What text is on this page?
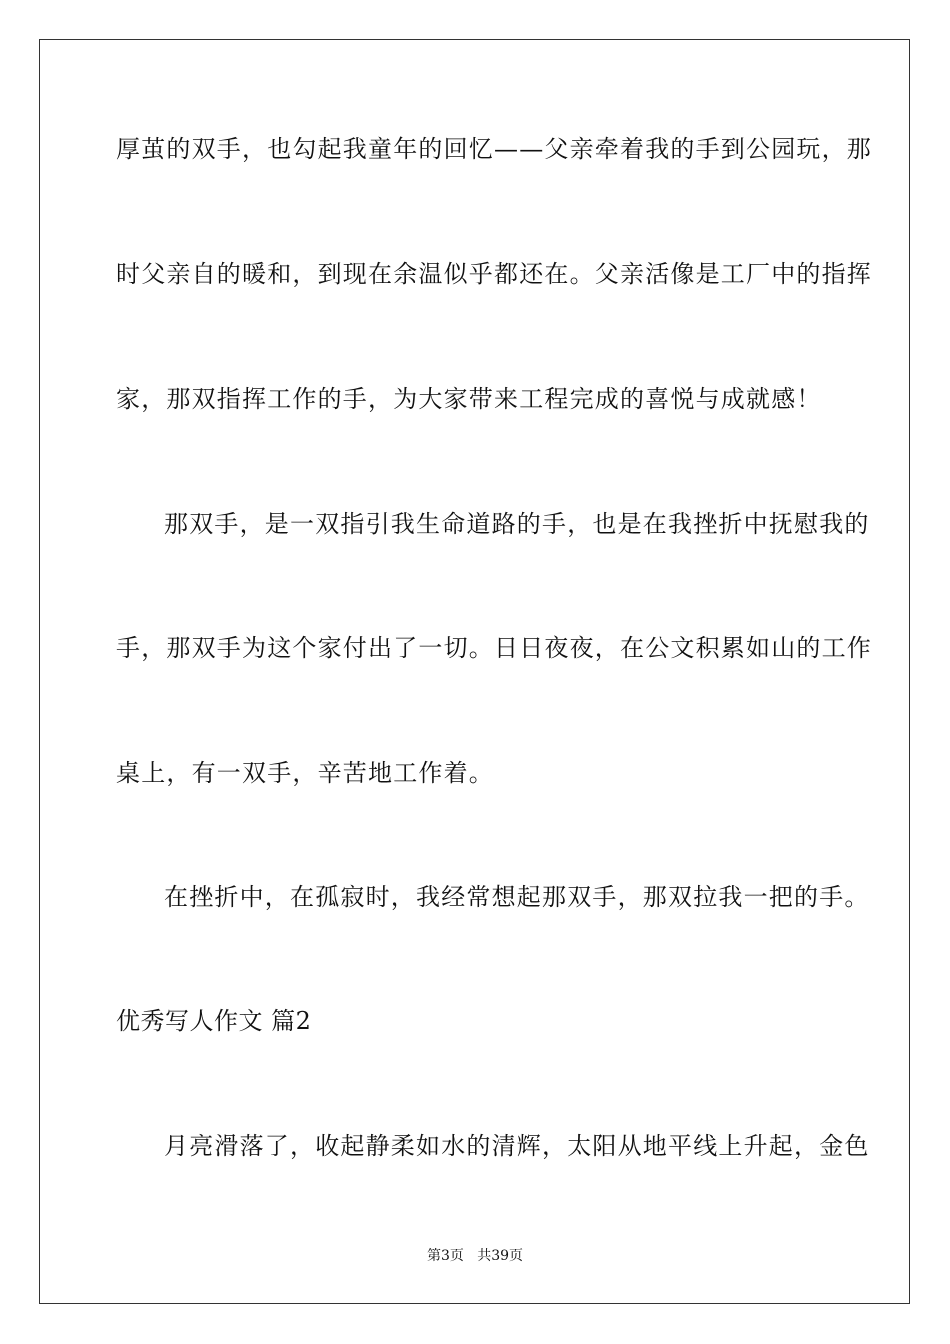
厚茧的双手，也勾起我童年的回忆——父亲牵着我的手到公园玩，那
时父亲自的暖和，到现在余温似乎都还在。父亲活像是工厂中的指挥
家，那双指挥工作的手，为大家带来工程完成的喜悦与成就感！
那双手，是一双指引我生命道路的手，也是在我挫折中抚慰我的
手，那双手为这个家付出了一切。日日夜夜，在公文积累如山的工作
桌上，有一双手，辛苦地工作着。
在挫折中，在孤寂时，我经常想起那双手，那双拉我一把的手。
优秀写人作文 篇2
月亮滑落了，收起静柔如水的清辉，太阳从地平线上升起，金色
第3页   共39页
